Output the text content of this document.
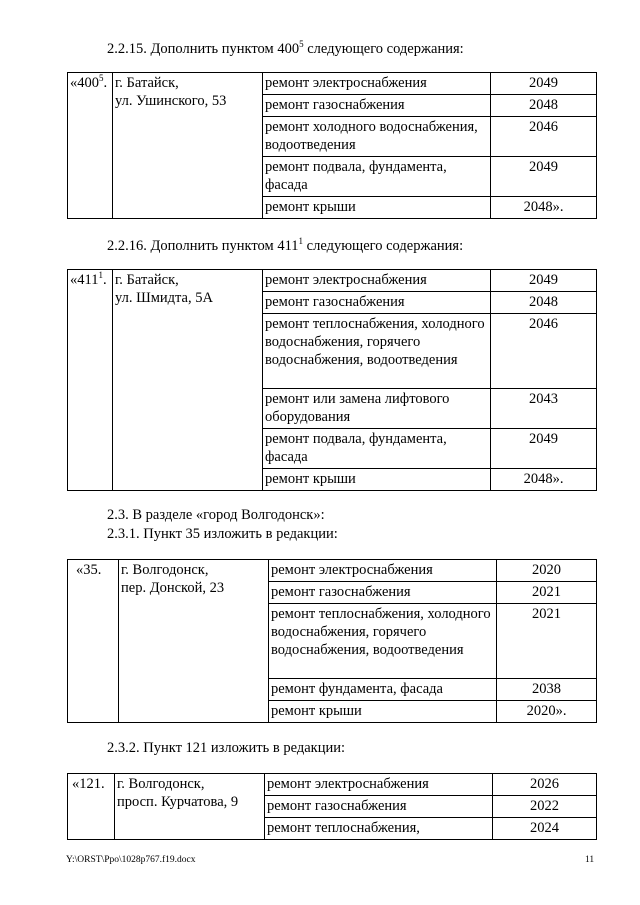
2.2.15. Дополнить пунктом $400^5$ следующего содержания:

«$400^5$.	г. Батайск,
ул. Ушинского, 53	ремонт электроснабжения	2049
		ремонт газоснабжения	2048
		ремонт холодного водоснабжения, водоотведения	2046
		ремонт подвала, фундамента, фасада	2049
		ремонт крыши	2048».

2.2.16. Дополнить пунктом $411^1$ следующего содержания:

«$411^1$.	г. Батайск,
ул. Шмидта, 5А	ремонт электроснабжения	2049
		ремонт газоснабжения	2048
		ремонт теплоснабжения, холодного водоснабжения, горячего водоснабжения, водоотведения	2046
		ремонт или замена лифтового оборудования	2043
		ремонт подвала, фундамента, фасада	2049
		ремонт крыши	2048».

2.3. В разделе «город Волгодонск»:

2.3.1. Пункт 35 изложить в редакции:

«35.	г. Волгодонск,
пер. Донской, 23	ремонт электроснабжения	2020
		ремонт газоснабжения	2021
		ремонт теплоснабжения, холодного водоснабжения, горячего водоснабжения, водоотведения	2021
		ремонт фундамента, фасада	2038
		ремонт крыши	2020».

2.3.2. Пункт 121 изложить в редакции:

«121.	г. Волгодонск,
просп. Курчатова, 9	ремонт электроснабжения	2026
		ремонт газоснабжения	2022
		ремонт теплоснабжения,	2024
Y:\ORST\Ppo\1028p767.f19.docx	11
